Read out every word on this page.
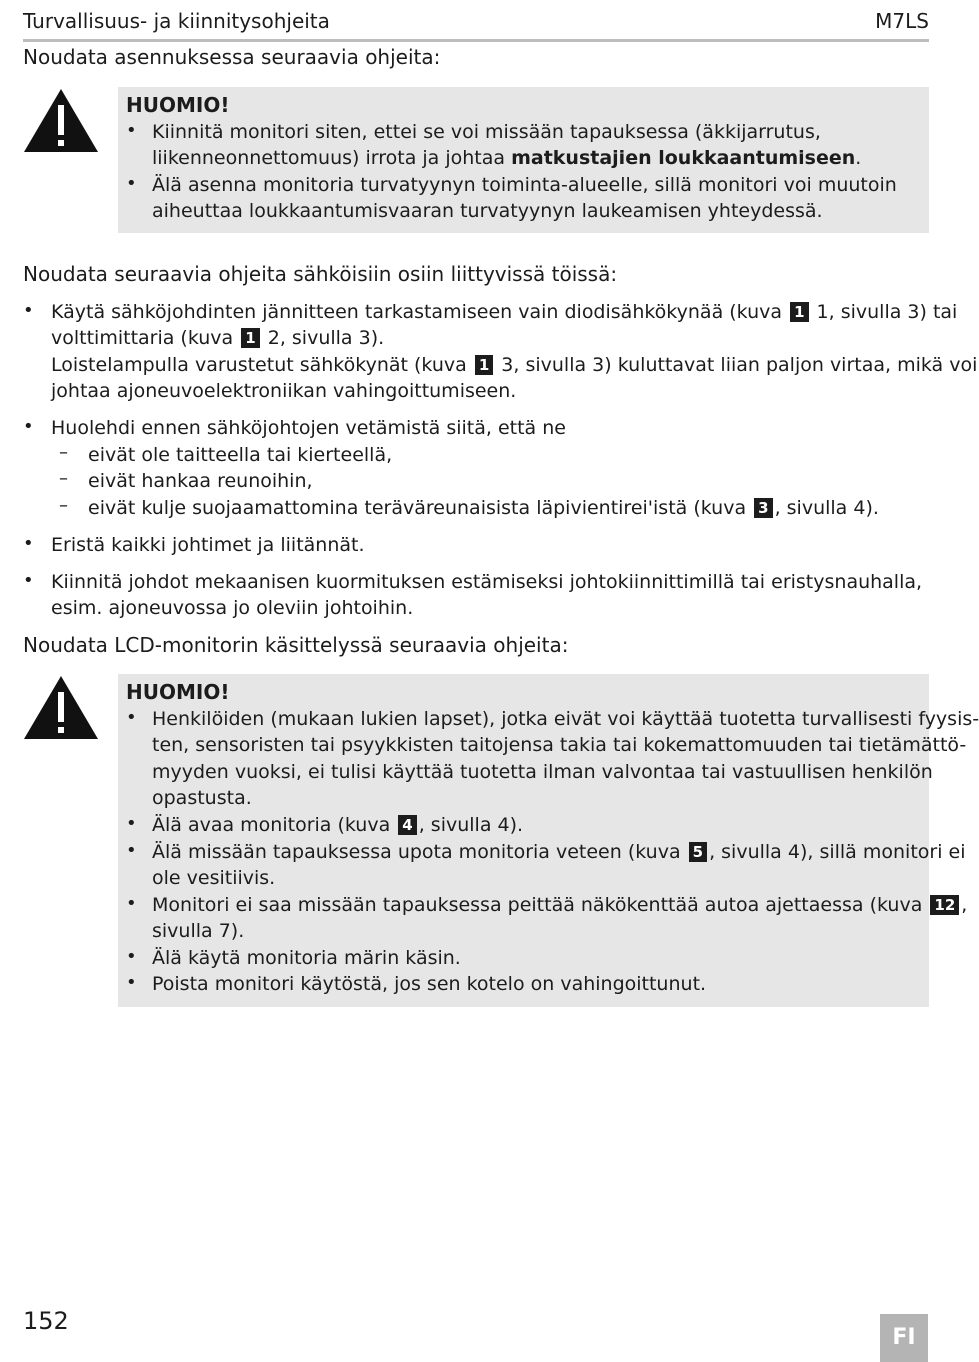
Turvallisuus- ja kiinnitysohjeita	M7LS
Noudata asennuksessa seuraavia ohjeita:
HUOMIO!
• Kiinnitä monitori siten, ettei se voi missään tapauksessa (äkkijarrutus,
liikenneonnettomuus) irrota ja johtaa matkustajien loukkaantumiseen.
• Älä asenna monitoria turvatyynyn toiminta-alueelle, sillä monitori voi muutoin
aiheuttaa loukkaantumisvaaran turvatyynyn laukeamisen yhteydessä.
Noudata seuraavia ohjeita sähköisiin osiin liittyvissä töissä:
• Käytä sähköjohdinten jännitteen tarkastamiseen vain diodisähkökynää (kuva 1 1, sivulla 3) tai
volttimittaria (kuva 1 2, sivulla 3).
Loistelampulla varustetut sähkökynät (kuva 1 3, sivulla 3) kuluttavat liian paljon virtaa, mikä voi
johtaa ajoneuvoelektroniikan vahingoittumiseen.
• Huolehdi ennen sähköjohtojen vetämistä siitä, että ne
– eivät ole taitteella tai kierteellä,
– eivät hankaa reunoihin,
– eivät kulje suojaamattomina teräväreunaisista läpivientirei'istä (kuva 3 , sivulla 4).
• Eristä kaikki johtimet ja liitännät.
• Kiinnitä johdot mekaanisen kuormituksen estämiseksi johtokiinnittimillä tai eristysnauhalla,
esim. ajoneuvossa jo oleviin johtoihin.
Noudata LCD-monitorin käsittelyssä seuraavia ohjeita:
HUOMIO!
• Henkilöiden (mukaan lukien lapset), jotka eivät voi käyttää tuotetta turvallisesti fyysis-
ten, sensoristen tai psyykkisten taitojensa takia tai kokemattomuuden tai tietämättö-
myyden vuoksi, ei tulisi käyttää tuotetta ilman valvontaa tai vastuullisen henkilön
opastusta.
• Älä avaa monitoria (kuva 4 , sivulla 4).
• Älä missään tapauksessa upota monitoria veteen (kuva 5 , sivulla 4), sillä monitori ei
ole vesitiivis.
• Monitori ei saa missään tapauksessa peittää näkökenttää autoa ajettaessa (kuva 12 ,
sivulla 7).
• Älä käytä monitoria märin käsin.
• Poista monitori käytöstä, jos sen kotelo on vahingoittunut.
152
FI
